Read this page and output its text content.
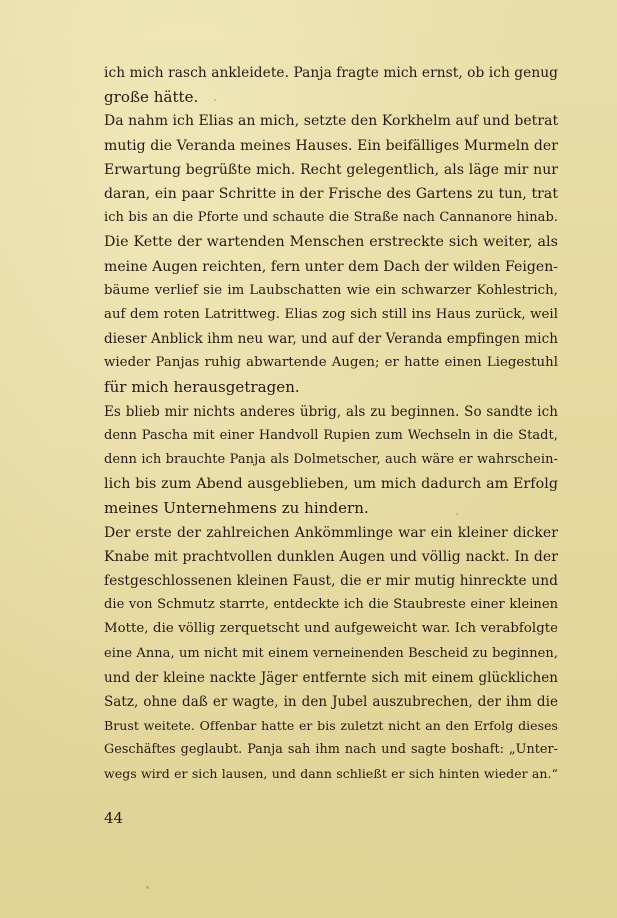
ich mich rasch ankleidete. Panja fragte mich ernst, ob ich genug
große hätte.
Da nahm ich Elias an mich, setzte den Korkhelm auf und betrat
mutig die Veranda meines Hauses. Ein beifälliges Murmeln der
Erwartung begrüßte mich. Recht gelegentlich, als läge mir nur
daran, ein paar Schritte in der Frische des Gartens zu tun, trat
ich bis an die Pforte und schaute die Straße nach Cannanore hinab.
Die Kette der wartenden Menschen erstreckte sich weiter, als
meine Augen reichten, fern unter dem Dach der wilden Feigen-
bäume verlief sie im Laubschatten wie ein schwarzer Kohlestrich,
auf dem roten Latrittweg. Elias zog sich still ins Haus zurück, weil
dieser Anblick ihm neu war, und auf der Veranda empfingen mich
wieder Panjas ruhig abwartende Augen; er hatte einen Liegestuhl
für mich herausgetragen.
Es blieb mir nichts anderes übrig, als zu beginnen. So sandte ich
denn Pascha mit einer Handvoll Rupien zum Wechseln in die Stadt,
denn ich brauchte Panja als Dolmetscher, auch wäre er wahrschein-
lich bis zum Abend ausgeblieben, um mich dadurch am Erfolg
meines Unternehmens zu hindern.
Der erste der zahlreichen Ankömmlinge war ein kleiner dicker
Knabe mit prachtvollen dunklen Augen und völlig nackt. In der
festgeschlossenen kleinen Faust, die er mir mutig hinreckte und
die von Schmutz starrte, entdeckte ich die Staubreste einer kleinen
Motte, die völlig zerquetscht und aufgeweicht war. Ich verabfolgte
eine Anna, um nicht mit einem verneinenden Bescheid zu beginnen,
und der kleine nackte Jäger entfernte sich mit einem glücklichen
Satz, ohne daß er wagte, in den Jubel auszubrechen, der ihm die
Brust weitete. Offenbar hatte er bis zuletzt nicht an den Erfolg dieses
Geschäftes geglaubt. Panja sah ihm nach und sagte boshaft: „Unter-
wegs wird er sich lausen, und dann schließt er sich hinten wieder an.“
44
